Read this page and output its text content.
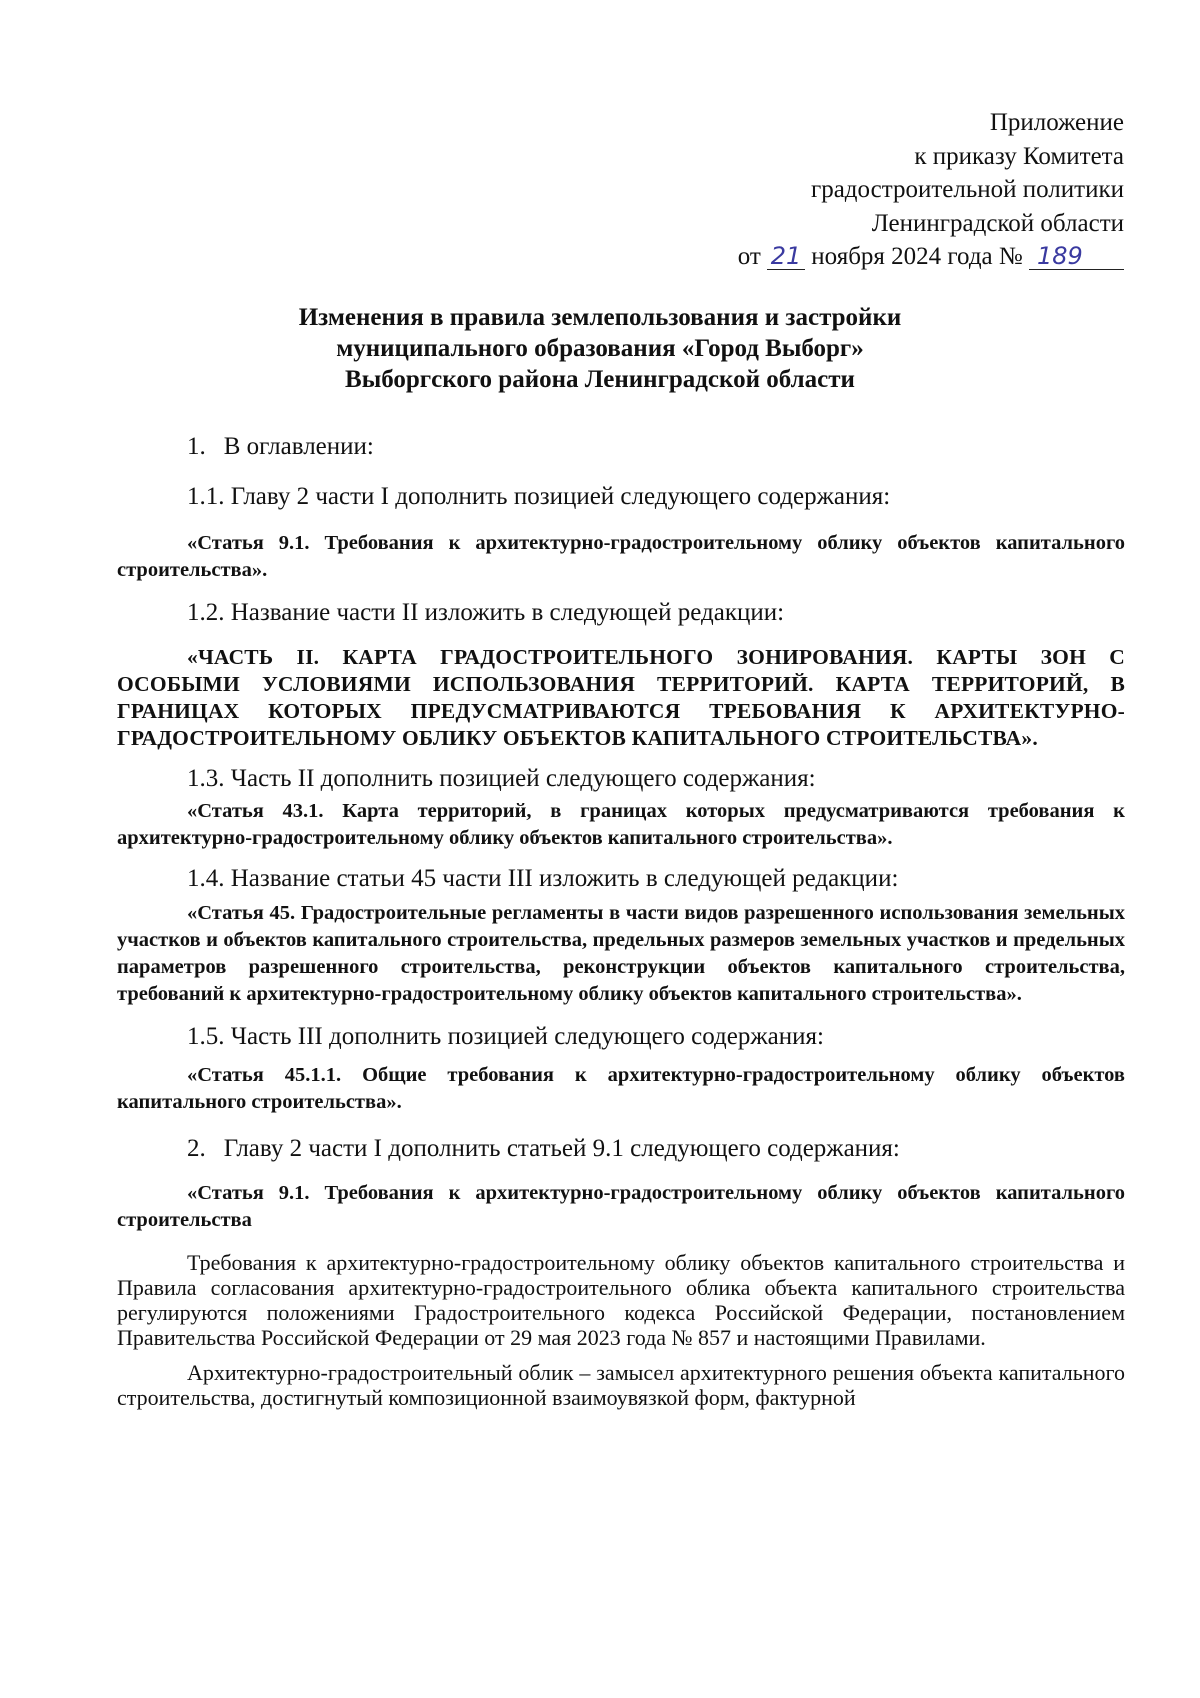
Приложение
к приказу Комитета
градостроительной политики
Ленинградской области
от 21 ноября 2024 года № 189
Изменения в правила землепользования и застройки
муниципального образования «Город Выборг»
Выборгского района Ленинградской области

1. В оглавлении:

1.1. Главу 2 части I дополнить позицией следующего содержания:

«Статья 9.1. Требования к архитектурно-градостроительному облику объектов капитального строительства».

1.2. Название части II изложить в следующей редакции:

«ЧАСТЬ II. КАРТА ГРАДОСТРОИТЕЛЬНОГО ЗОНИРОВАНИЯ. КАРТЫ ЗОН С ОСОБЫМИ УСЛОВИЯМИ ИСПОЛЬЗОВАНИЯ ТЕРРИТОРИЙ. КАРТА ТЕРРИТОРИЙ, В ГРАНИЦАХ КОТОРЫХ ПРЕДУСМАТРИВАЮТСЯ ТРЕБОВАНИЯ К АРХИТЕКТУРНО-ГРАДОСТРОИТЕЛЬНОМУ ОБЛИКУ ОБЪЕКТОВ КАПИТАЛЬНОГО СТРОИТЕЛЬСТВА».

1.3. Часть II дополнить позицией следующего содержания:

«Статья 43.1. Карта территорий, в границах которых предусматриваются требования к архитектурно-градостроительному облику объектов капитального строительства».

1.4. Название статьи 45 части III изложить в следующей редакции:

«Статья 45. Градостроительные регламенты в части видов разрешенного использования земельных участков и объектов капитального строительства, предельных размеров земельных участков и предельных параметров разрешенного строительства, реконструкции объектов капитального строительства, требований к архитектурно-градостроительному облику объектов капитального строительства».

1.5. Часть III дополнить позицией следующего содержания:

«Статья 45.1.1. Общие требования к архитектурно-градостроительному облику объектов капитального строительства».

2. Главу 2 части I дополнить статьей 9.1 следующего содержания:

«Статья 9.1. Требования к архитектурно-градостроительному облику объектов капитального строительства

Требования к архитектурно-градостроительному облику объектов капитального строительства и Правила согласования архитектурно-градостроительного облика объекта капитального строительства регулируются положениями Градостроительного кодекса Российской Федерации, постановлением Правительства Российской Федерации от 29 мая 2023 года № 857 и настоящими Правилами.

Архитектурно-градостроительный облик – замысел архитектурного решения объекта капитального строительства, достигнутый композиционной взаимоувязкой форм, фактурной
